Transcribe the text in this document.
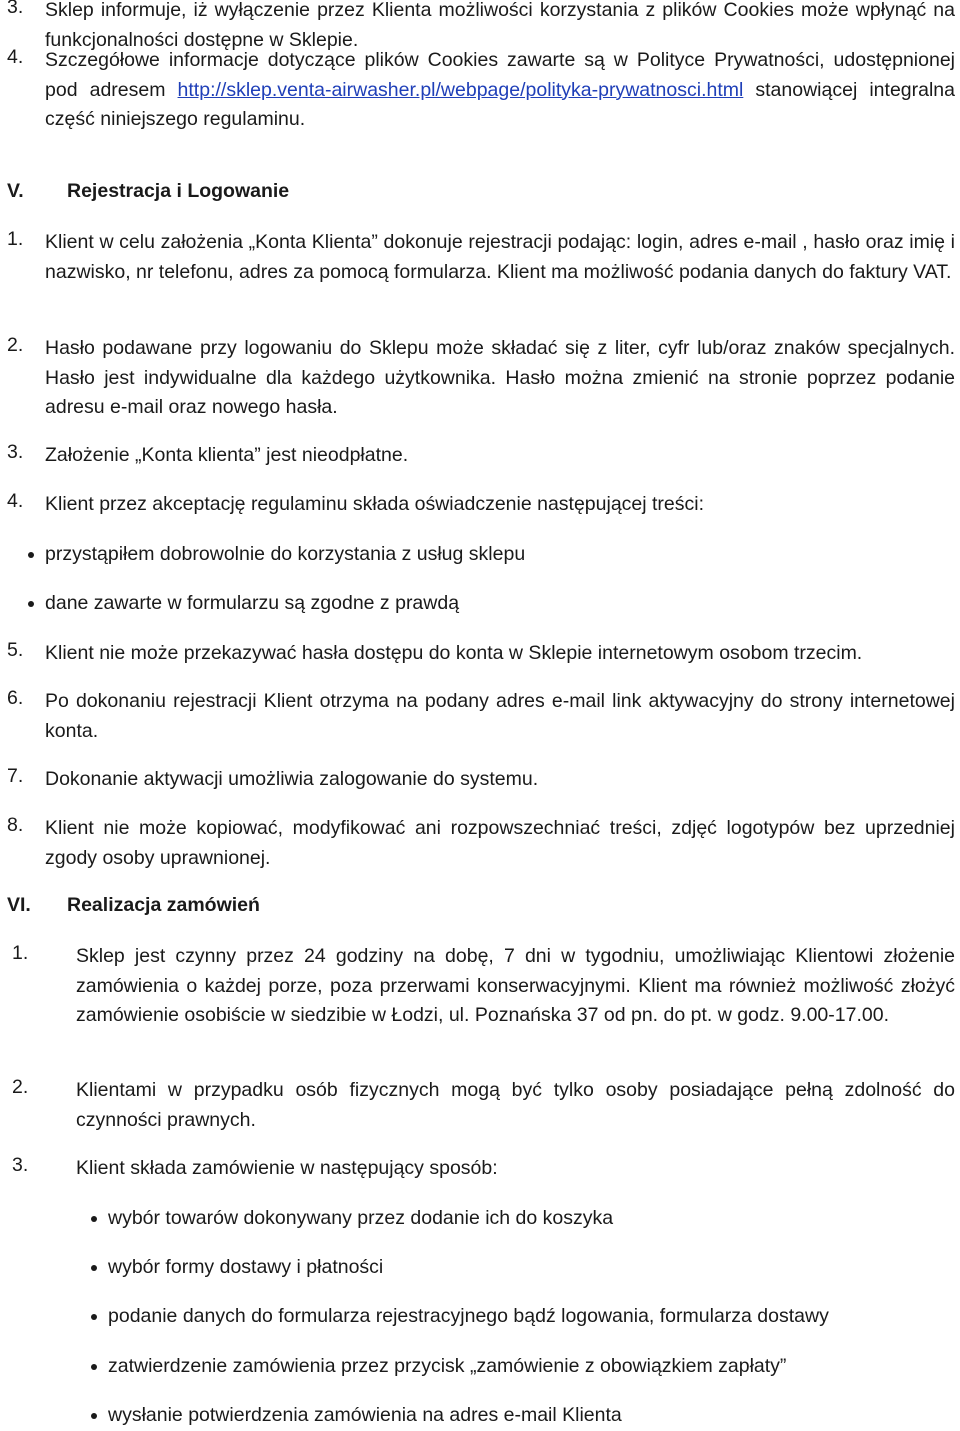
3. Sklep informuje, iż wyłączenie przez Klienta możliwości korzystania z plików Cookies może wpłynąć na funkcjonalności dostępne w Sklepie.
4. Szczegółowe informacje dotyczące plików Cookies zawarte są w Polityce Prywatności, udostępnionej pod adresem http://sklep.venta-airwasher.pl/webpage/polityka-prywatnosci.html stanowiącej integralna część niniejszego regulaminu.
V. Rejestracja i Logowanie
1. Klient w celu założenia „Konta Klienta” dokonuje rejestracji podając: login, adres e-mail , hasło oraz imię i nazwisko, nr telefonu, adres za pomocą formularza. Klient ma możliwość podania danych do faktury VAT.
2. Hasło podawane przy logowaniu do Sklepu może składać się z liter, cyfr lub/oraz znaków specjalnych. Hasło jest indywidualne dla każdego użytkownika. Hasło można zmienić na stronie poprzez podanie adresu e-mail oraz nowego hasła.
3. Założenie „Konta klienta” jest nieodpłatne.
4. Klient przez akceptację regulaminu składa oświadczenie następującej treści:
przystąpiłem dobrowolnie do korzystania z usług sklepu
dane zawarte w formularzu są zgodne z prawdą
5. Klient nie może przekazywać hasła dostępu do konta w Sklepie internetowym osobom trzecim.
6. Po dokonaniu rejestracji Klient otrzyma na podany adres e-mail link aktywacyjny do strony internetowej konta.
7. Dokonanie aktywacji umożliwia zalogowanie do systemu.
8. Klient nie może kopiować, modyfikować ani rozpowszechniać treści, zdjęć logotypów bez uprzedniej zgody osoby uprawnionej.
VI. Realizacja zamówień
1. Sklep jest czynny przez 24 godziny na dobę, 7 dni w tygodniu, umożliwiając Klientowi złożenie zamówienia o każdej porze, poza przerwami konserwacyjnymi. Klient ma również możliwość złożyć zamówienie osobiście w siedzibie w Łodzi, ul. Poznańska 37 od pn. do pt. w godz. 9.00-17.00.
2. Klientami w przypadku osób fizycznych mogą być tylko osoby posiadające pełną zdolność do czynności prawnych.
3. Klient składa zamówienie w następujący sposób:
wybór towarów dokonywany przez dodanie ich do koszyka
wybór formy dostawy i płatności
podanie danych do formularza rejestracyjnego bądź logowania, formularza dostawy
zatwierdzenie zamówienia przez przycisk „zamówienie z obowiązkiem zapłaty”
wysłanie potwierdzenia zamówienia na adres e-mail Klienta
